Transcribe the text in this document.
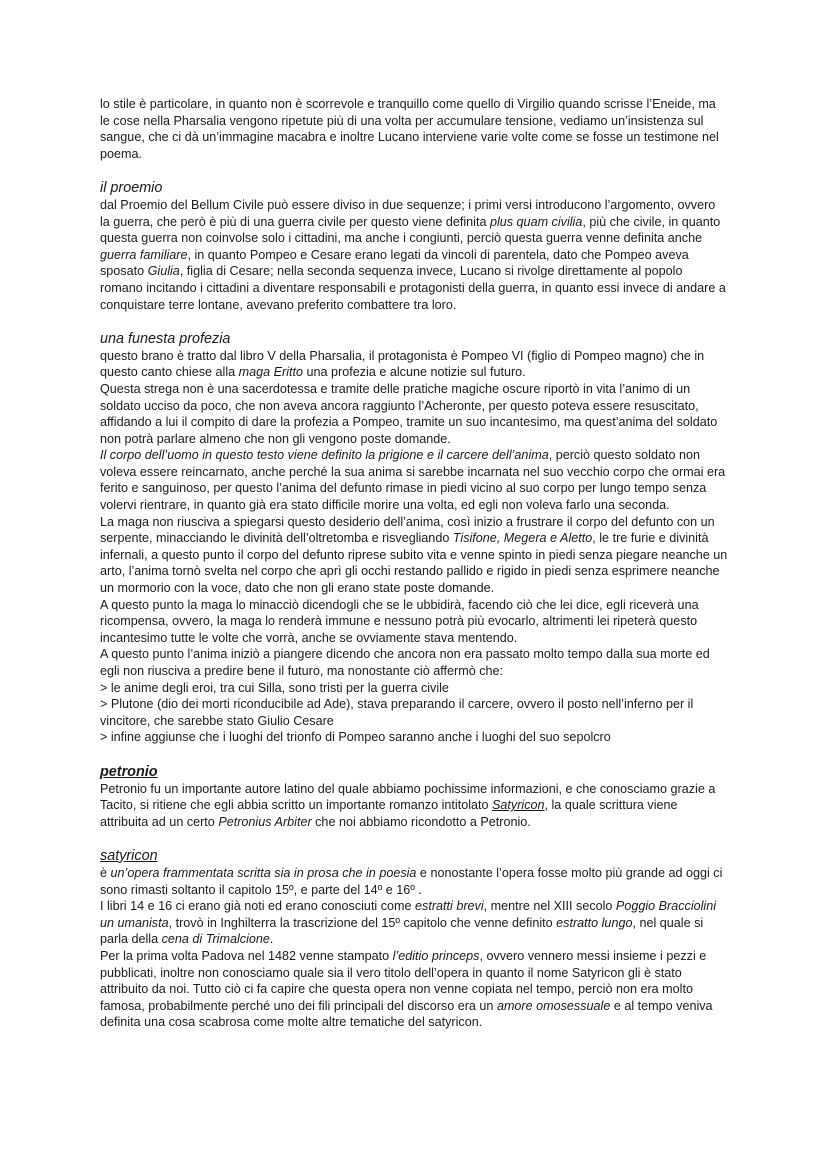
lo stile è particolare, in quanto non è scorrevole e tranquillo come quello di Virgilio quando scrisse l’Eneide, ma le cose nella Pharsalia vengono ripetute più di una volta per accumulare tensione, vediamo un’insistenza sul sangue, che ci dà un’immagine macabra e inoltre Lucano interviene varie volte come se fosse un testimone nel poema.

il proemio

dal Proemio del Bellum Civile può essere diviso in due sequenze; i primi versi introducono l’argomento, ovvero la guerra, che però è più di una guerra civile per questo viene definita plus quam civilia, più che civile, in quanto questa guerra non coinvolse solo i cittadini, ma anche i congiunti, perciò questa guerra venne definita anche guerra familiare, in quanto Pompeo e Cesare erano legati da vincoli di parentela, dato che Pompeo aveva sposato Giulia, figlia di Cesare; nella seconda sequenza invece, Lucano si rivolge direttamente al popolo romano incitando i cittadini a diventare responsabili e protagonisti della guerra, in quanto essi invece di andare a conquistare terre lontane, avevano preferito combattere tra loro.

una funesta profezia

questo brano è tratto dal libro V della Pharsalia, il protagonista è Pompeo VI (figlio di Pompeo magno) che in questo canto chiese alla maga Eritto una profezia e alcune notizie sul futuro.

Questa strega non è una sacerdotessa e tramite delle pratiche magiche oscure riportò in vita l’animo di un soldato ucciso da poco, che non aveva ancora raggiunto l’Acheronte, per questo poteva essere resuscitato, affidando a lui il compito di dare la profezia a Pompeo, tramite un suo incantesimo, ma quest’anima del soldato non potrà parlare almeno che non gli vengono poste domande.

Il corpo dell’uomo in questo testo viene definito la prigione e il carcere dell’anima, perciò questo soldato non voleva essere reincarnato, anche perché la sua anima si sarebbe incarnata nel suo vecchio corpo che ormai era ferito e sanguinoso, per questo l’anima del defunto rimase in piedi vicino al suo corpo per lungo tempo senza volervi rientrare, in quanto già era stato difficile morire una volta, ed egli non voleva farlo una seconda.

La maga non riusciva a spiegarsi questo desiderio dell’anima, così inizio a frustrare il corpo del defunto con un serpente, minacciando le divinità dell’oltretomba e risvegliando Tisifone, Megera e Aletto, le tre furie e divinità infernali, a questo punto il corpo del defunto riprese subito vita e venne spinto in piedi senza piegare neanche un arto, l’anima tornò svelta nel corpo che aprì gli occhi restando pallido e rigido in piedi senza esprimere neanche un mormorio con la voce, dato che non gli erano state poste domande.

A questo punto la maga lo minacciò dicendogli che se le ubbidirà, facendo ciò che lei dice, egli riceverà una ricompensa, ovvero, la maga lo renderà immune e nessuno potrà più evocarlo, altrimenti lei ripeterà questo incantesimo tutte le volte che vorrà, anche se ovviamente stava mentendo.

A questo punto l’anima iniziò a piangere dicendo che ancora non era passato molto tempo dalla sua morte ed egli non riusciva a predire bene il futuro, ma nonostante ciò affermò che:

> le anime degli eroi, tra cui Silla, sono tristi per la guerra civile

> Plutone (dio dei morti riconducibile ad Ade), stava preparando il carcere, ovvero il posto nell’inferno per il vincitore, che sarebbe stato Giulio Cesare

> infine aggiunse che i luoghi del trionfo di Pompeo saranno anche i luoghi del suo sepolcro

petronio

Petronio fu un importante autore latino del quale abbiamo pochissime informazioni, e che conosciamo grazie a Tacito, si ritiene che egli abbia scritto un importante romanzo intitolato Satyricon, la quale scrittura viene attribuita ad un certo Petronius Arbiter che noi abbiamo ricondotto a Petronio.

satyricon

è un’opera frammentata scritta sia in prosa che in poesia e nonostante l’opera fosse molto più grande ad oggi ci sono rimasti soltanto il capitolo 15º, e parte del 14º e 16º .

I libri 14 e 16 ci erano già noti ed erano conosciuti come estratti brevi, mentre nel XIII secolo Poggio Bracciolini un umanista, trovò in Inghilterra la trascrizione del 15º capitolo che venne definito estratto lungo, nel quale si parla della cena di Trimalcione.

Per la prima volta Padova nel 1482 venne stampato l’editio princeps, ovvero vennero messi insieme i pezzi e pubblicati, inoltre non conosciamo quale sia il vero titolo dell’opera in quanto il nome Satyricon gli è stato attribuito da noi. Tutto ciò ci fa capire che questa opera non venne copiata nel tempo, perciò non era molto famosa, probabilmente perché uno dei fili principali del discorso era un amore omosessuale e al tempo veniva definita una cosa scabrosa come molte altre tematiche del satyricon.
